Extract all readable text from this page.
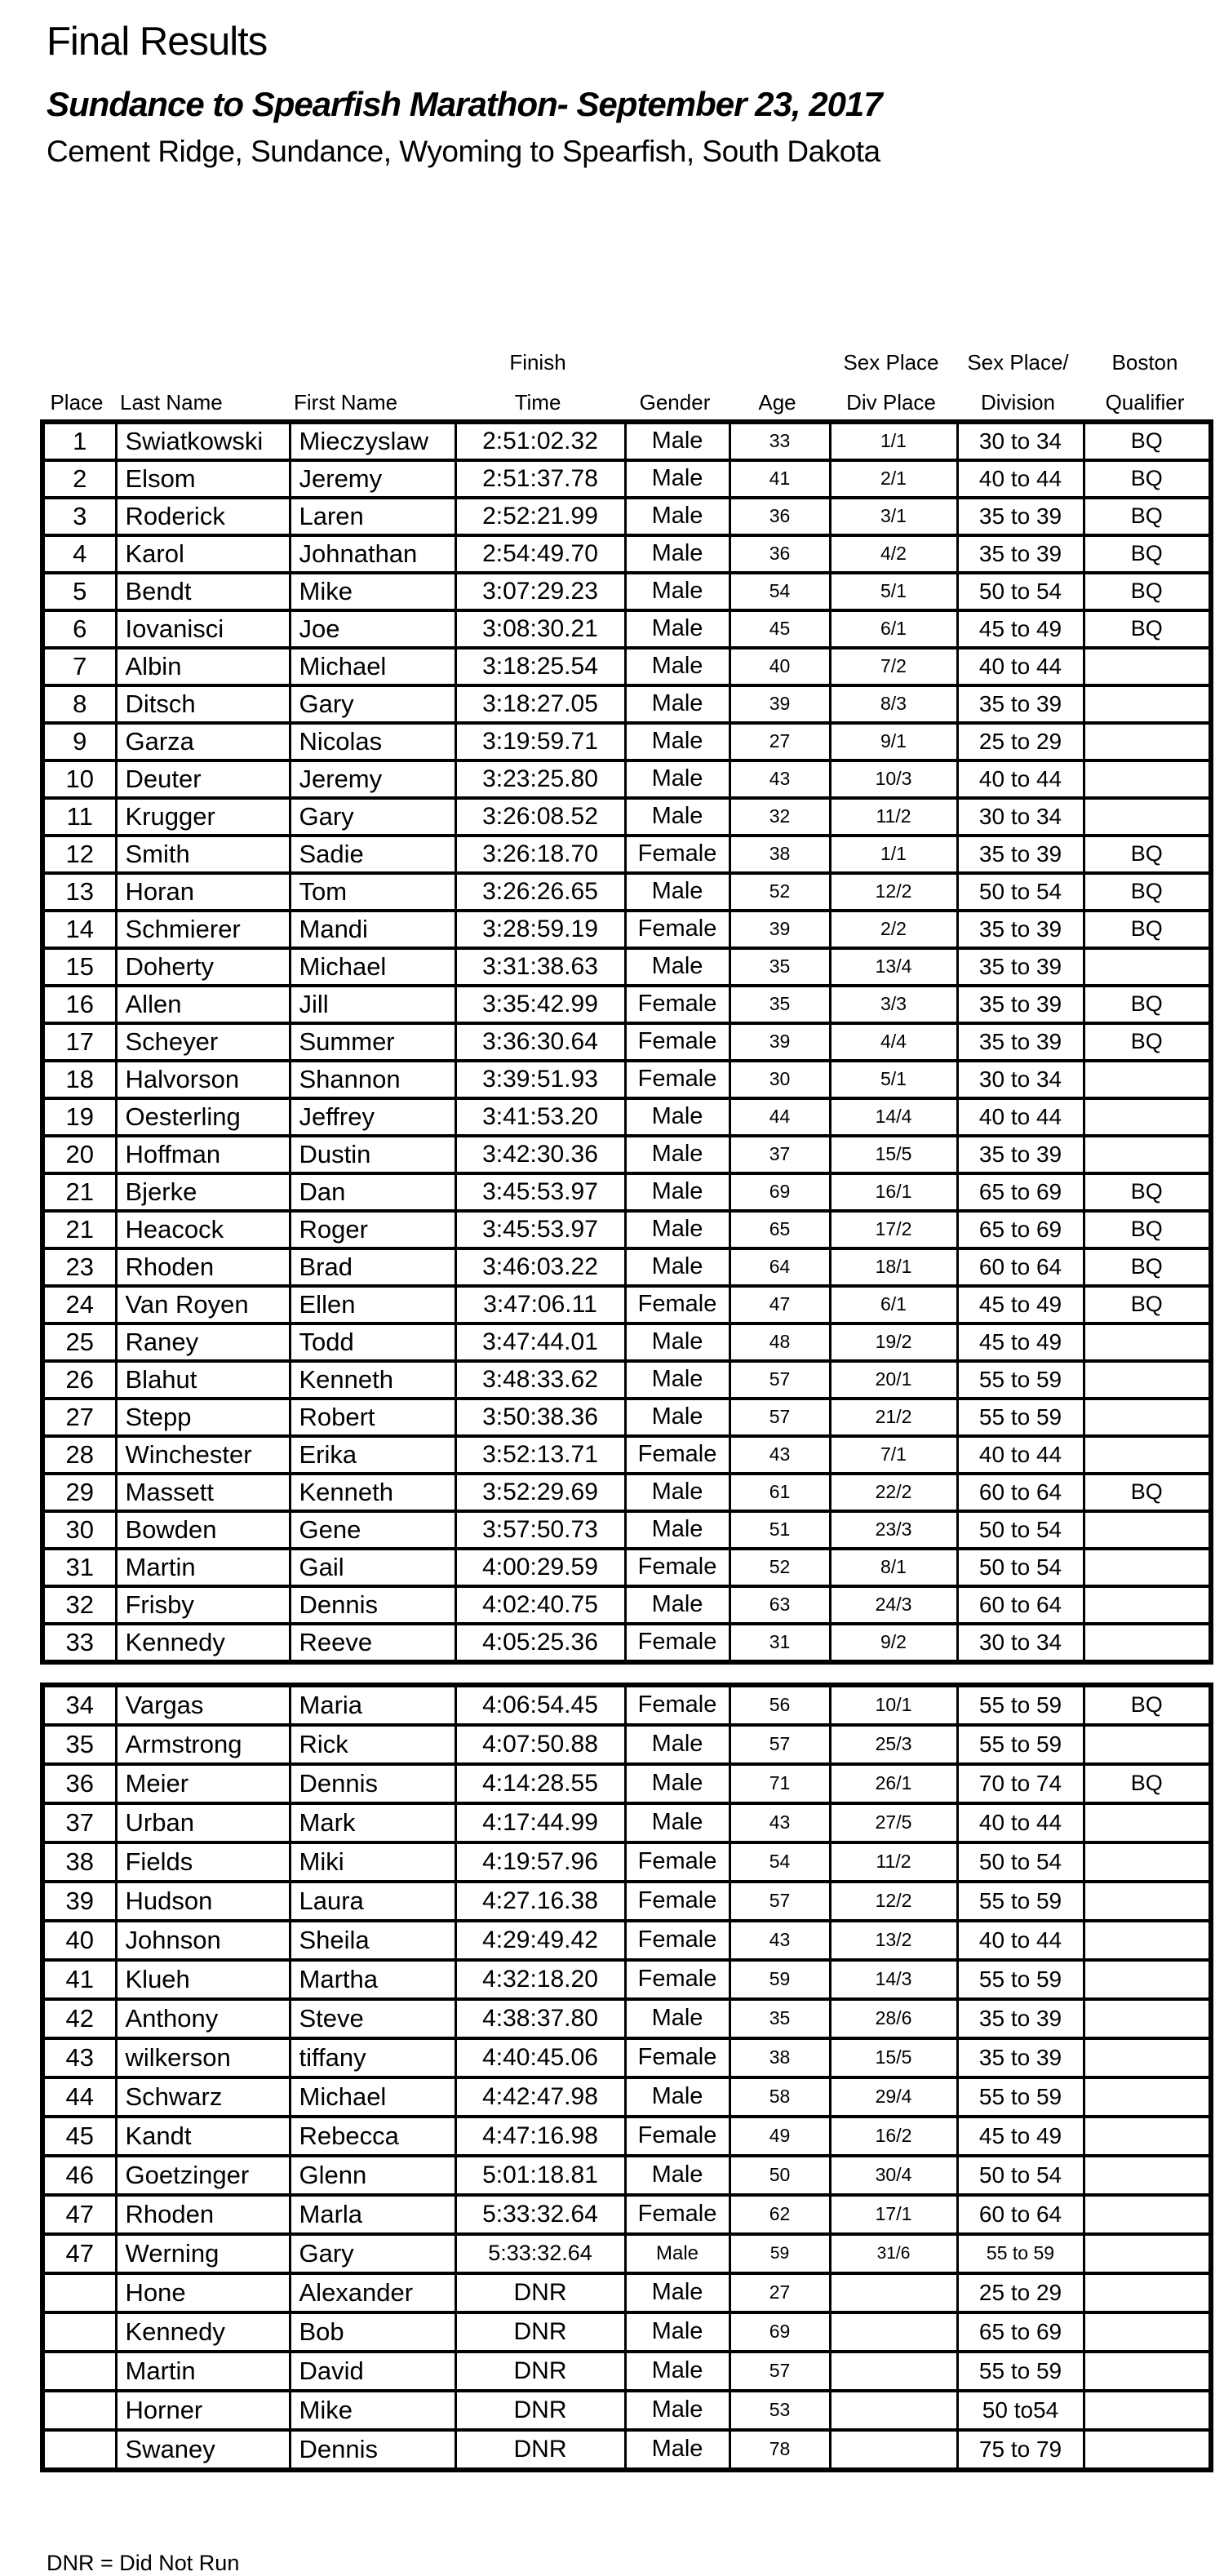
Final Results
Sundance to Spearfish Marathon- September 23, 2017
Cement Ridge, Sundance, Wyoming to Spearfish, South Dakota
			Finish			Sex Place	Sex Place/	Boston
Place	Last Name	First Name	Time	Gender	Age	Div Place	Division	Qualifier
1	Swiatkowski	Mieczyslaw	2:51:02.32	Male	33	1/1	30 to 34	BQ
2	Elsom	Jeremy	2:51:37.78	Male	41	2/1	40 to 44	BQ
3	Roderick	Laren	2:52:21.99	Male	36	3/1	35 to 39	BQ
4	Karol	Johnathan	2:54:49.70	Male	36	4/2	35 to 39	BQ
5	Bendt	Mike	3:07:29.23	Male	54	5/1	50 to 54	BQ
6	Iovanisci	Joe	3:08:30.21	Male	45	6/1	45 to 49	BQ
7	Albin	Michael	3:18:25.54	Male	40	7/2	40 to 44	
8	Ditsch	Gary	3:18:27.05	Male	39	8/3	35 to 39	
9	Garza	Nicolas	3:19:59.71	Male	27	9/1	25 to 29	
10	Deuter	Jeremy	3:23:25.80	Male	43	10/3	40 to 44	
11	Krugger	Gary	3:26:08.52	Male	32	11/2	30 to 34	
12	Smith	Sadie	3:26:18.70	Female	38	1/1	35 to 39	BQ
13	Horan	Tom	3:26:26.65	Male	52	12/2	50 to 54	BQ
14	Schmierer	Mandi	3:28:59.19	Female	39	2/2	35 to 39	BQ
15	Doherty	Michael	3:31:38.63	Male	35	13/4	35 to 39	
16	Allen	Jill	3:35:42.99	Female	35	3/3	35 to 39	BQ
17	Scheyer	Summer	3:36:30.64	Female	39	4/4	35 to 39	BQ
18	Halvorson	Shannon	3:39:51.93	Female	30	5/1	30 to 34	
19	Oesterling	Jeffrey	3:41:53.20	Male	44	14/4	40 to 44	
20	Hoffman	Dustin	3:42:30.36	Male	37	15/5	35 to 39	
21	Bjerke	Dan	3:45:53.97	Male	69	16/1	65 to 69	BQ
21	Heacock	Roger	3:45:53.97	Male	65	17/2	65 to 69	BQ
23	Rhoden	Brad	3:46:03.22	Male	64	18/1	60 to 64	BQ
24	Van Royen	Ellen	3:47:06.11	Female	47	6/1	45 to 49	BQ
25	Raney	Todd	3:47:44.01	Male	48	19/2	45 to 49	
26	Blahut	Kenneth	3:48:33.62	Male	57	20/1	55 to 59	
27	Stepp	Robert	3:50:38.36	Male	57	21/2	55 to 59	
28	Winchester	Erika	3:52:13.71	Female	43	7/1	40 to 44	
29	Massett	Kenneth	3:52:29.69	Male	61	22/2	60 to 64	BQ
30	Bowden	Gene	3:57:50.73	Male	51	23/3	50 to 54	
31	Martin	Gail	4:00:29.59	Female	52	8/1	50 to 54	
32	Frisby	Dennis	4:02:40.75	Male	63	24/3	60 to 64	
33	Kennedy	Reeve	4:05:25.36	Female	31	9/2	30 to 34	
34	Vargas	Maria	4:06:54.45	Female	56	10/1	55 to 59	BQ
35	Armstrong	Rick	4:07:50.88	Male	57	25/3	55 to 59	
36	Meier	Dennis	4:14:28.55	Male	71	26/1	70 to 74	BQ
37	Urban	Mark	4:17:44.99	Male	43	27/5	40 to 44	
38	Fields	Miki	4:19:57.96	Female	54	11/2	50 to 54	
39	Hudson	Laura	4:27.16.38	Female	57	12/2	55 to 59	
40	Johnson	Sheila	4:29:49.42	Female	43	13/2	40 to 44	
41	Klueh	Martha	4:32:18.20	Female	59	14/3	55 to 59	
42	Anthony	Steve	4:38:37.80	Male	35	28/6	35 to 39	
43	wilkerson	tiffany	4:40:45.06	Female	38	15/5	35 to 39	
44	Schwarz	Michael	4:42:47.98	Male	58	29/4	55 to 59	
45	Kandt	Rebecca	4:47:16.98	Female	49	16/2	45 to 49	
46	Goetzinger	Glenn	5:01:18.81	Male	50	30/4	50 to 54	
47	Rhoden	Marla	5:33:32.64	Female	62	17/1	60 to 64	
47	Werning	Gary	5:33:32.64	Male	59	31/6	55 to 59	
	Hone	Alexander	DNR	Male	27		25 to 29	
	Kennedy	Bob	DNR	Male	69		65 to 69	
	Martin	David	DNR	Male	57		55 to 59	
	Horner	Mike	DNR	Male	53		50 to54	
	Swaney	Dennis	DNR	Male	78		75 to 79	
DNR = Did Not Run
